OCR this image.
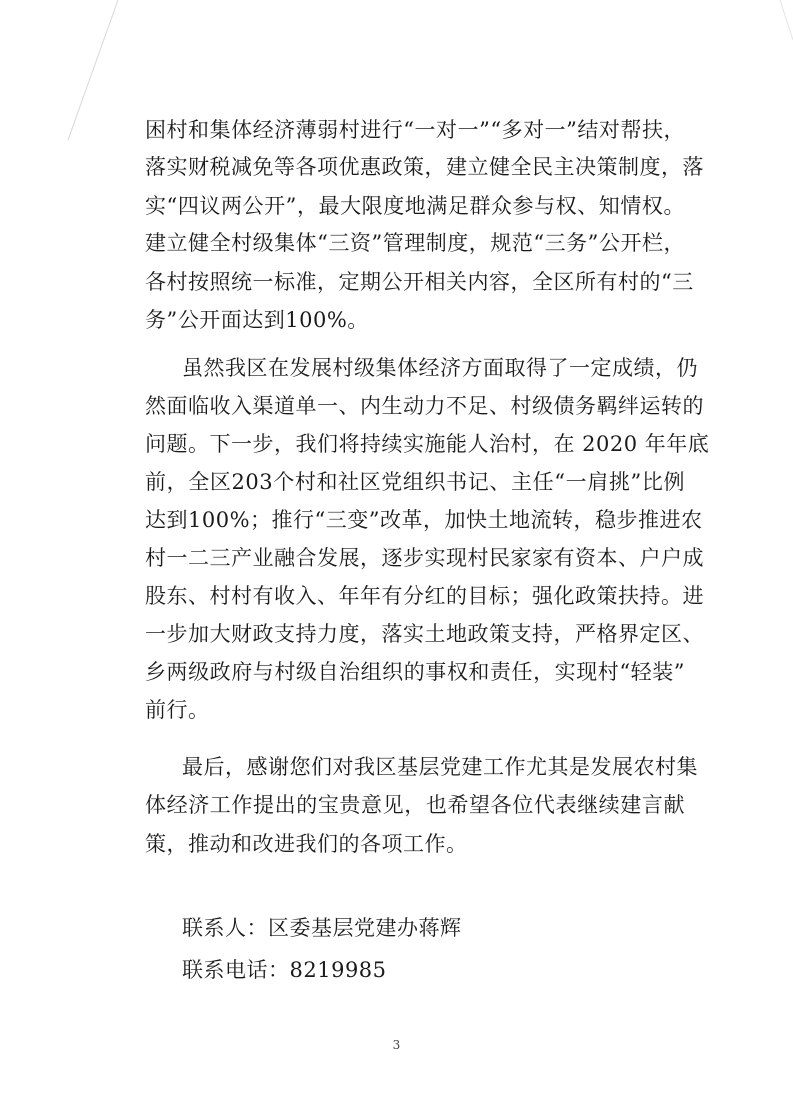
困村和集体经济薄弱村进行“一对一”“多对一”结对帮扶，
落实财税减免等各项优惠政策，建立健全民主决策制度，落
实“四议两公开”，最大限度地满足群众参与权、知情权。
建立健全村级集体“三资”管理制度，规范“三务”公开栏，
各村按照统一标准，定期公开相关内容，全区所有村的“三
务”公开面达到100%。
虽然我区在发展村级集体经济方面取得了一定成绩，仍
然面临收入渠道单一、内生动力不足、村级债务羁绊运转的
问题。下一步，我们将持续实施能人治村，在 2020 年年底
前，全区203个村和社区党组织书记、主任“一肩挑”比例
达到100%；推行“三变”改革，加快土地流转，稳步推进农
村一二三产业融合发展，逐步实现村民家家有资本、户户成
股东、村村有收入、年年有分红的目标；强化政策扶持。进
一步加大财政支持力度，落实土地政策支持，严格界定区、
乡两级政府与村级自治组织的事权和责任，实现村“轻装”
前行。
最后，感谢您们对我区基层党建工作尤其是发展农村集
体经济工作提出的宝贵意见，也希望各位代表继续建言献
策，推动和改进我们的各项工作。
联系人：区委基层党建办蒋辉
联系电话：8219985
3
